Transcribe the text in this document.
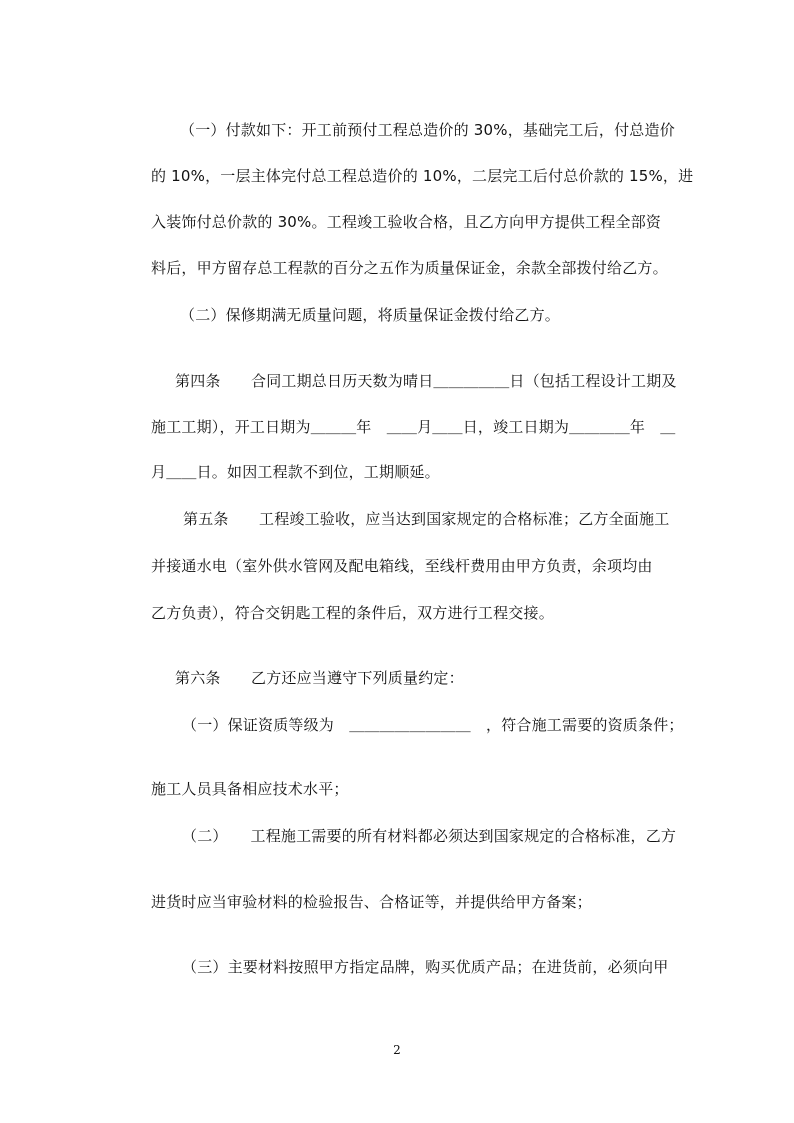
（一）付款如下：开工前预付工程总造价的 30%，基础完工后，付总造价
的 10%，一层主体完付总工程总造价的 10%，二层完工后付总价款的 15%，进
入装饰付总价款的 30%。工程竣工验收合格，且乙方向甲方提供工程全部资
料后，甲方留存总工程款的百分之五作为质量保证金，余款全部拨付给乙方。
（二）保修期满无质量问题，将质量保证金拨付给乙方。
第四条　　合同工期总日历天数为晴日＿＿＿＿＿日（包括工程设计工期及
施工工期），开工日期为＿＿＿年　＿＿月＿＿日，竣工日期为＿＿＿＿年　＿
月＿＿日。如因工程款不到位，工期顺延。
第五条　　工程竣工验收，应当达到国家规定的合格标准；乙方全面施工
并接通水电（室外供水管网及配电箱线，至线杆费用由甲方负责，余项均由
乙方负责），符合交钥匙工程的条件后，双方进行工程交接。
第六条　　乙方还应当遵守下列质量约定：
（一）保证资质等级为　＿＿＿＿＿＿＿＿　，符合施工需要的资质条件；
施工人员具备相应技术水平；
（二）　　工程施工需要的所有材料都必须达到国家规定的合格标准，乙方
进货时应当审验材料的检验报告、合格证等，并提供给甲方备案；
（三）主要材料按照甲方指定品牌，购买优质产品；在进货前，必须向甲
2
